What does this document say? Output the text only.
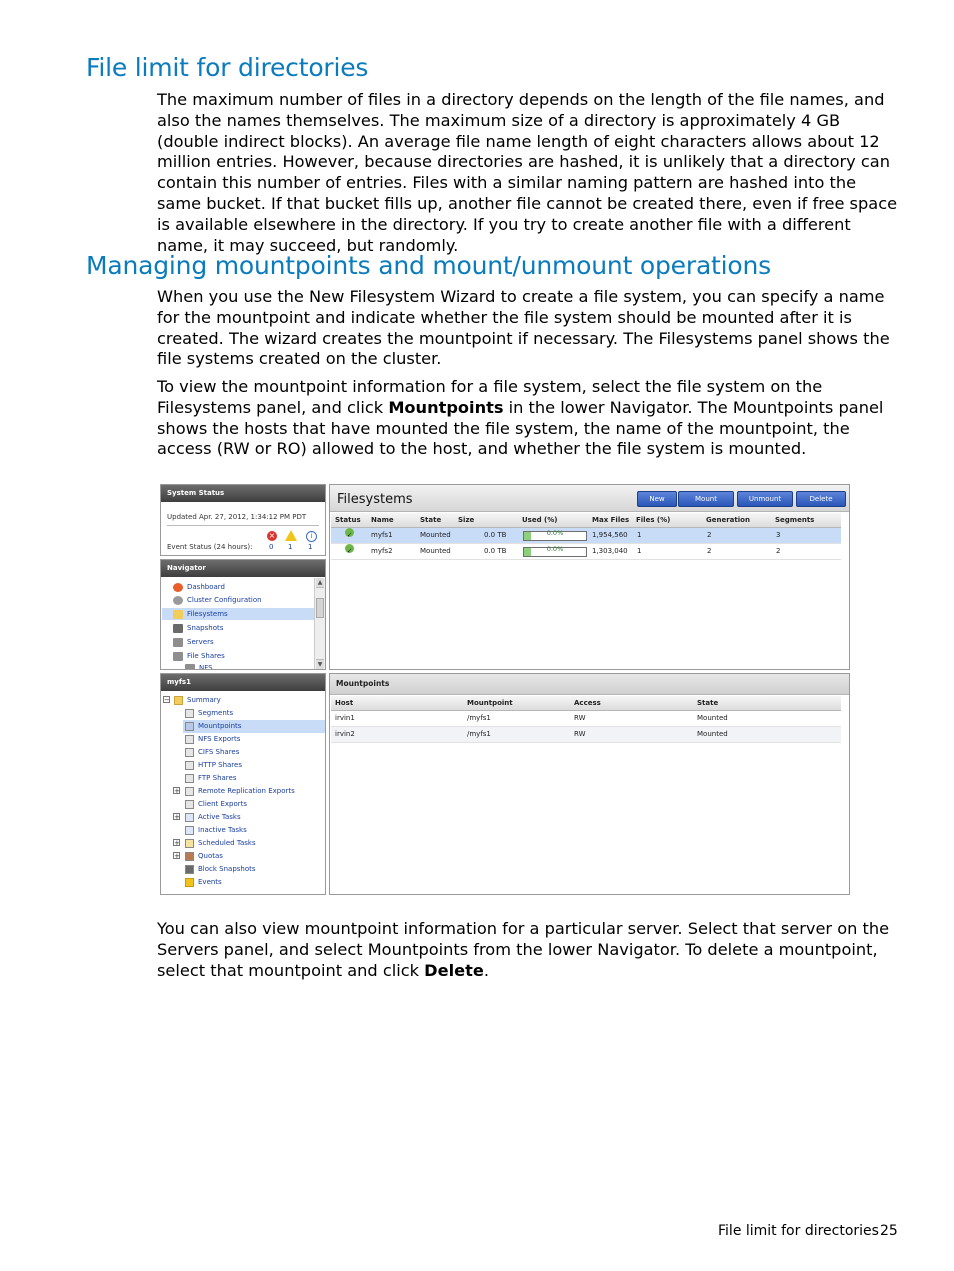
File limit for directories

The maximum number of files in a directory depends on the length of the file names, and also the names themselves. The maximum size of a directory is approximately 4 GB (double indirect blocks). An average file name length of eight characters allows about 12 million entries. However, because directories are hashed, it is unlikely that a directory can contain this number of entries. Files with a similar naming pattern are hashed into the same bucket. If that bucket fills up, another file cannot be created there, even if free space is available elsewhere in the directory. If you try to create another file with a different name, it may succeed, but randomly.

Managing mountpoints and mount/unmount operations

When you use the New Filesystem Wizard to create a file system, you can specify a name for the mountpoint and indicate whether the file system should be mounted after it is created. The wizard creates the mountpoint if necessary. The Filesystems panel shows the file systems created on the cluster.

To view the mountpoint information for a file system, select the file system on the Filesystems panel, and click Mountpoints in the lower Navigator. The Mountpoints panel shows the hosts that have mounted the file system, the name of the mountpoint, the access (RW or RO) allowed to the host, and whether the file system is mounted.

System Status
Updated Apr. 27, 2012, 1:34:12 PM PDT
Event Status (24 hours):
×	i
0 1 1
Navigator
Dashboard
Cluster Configuration
Filesystems
Snapshots
Servers
File Shares
NFS
▲
▼
myfs1
− Summary
Segments
Mountpoints
NFS Exports
CIFS Shares
HTTP Shares
FTP Shares
+	Remote Replication Exports
Client Exports
+	Active Tasks
Inactive Tasks
+	Scheduled Tasks
+	Quotas
Block Snapshots
Events
Filesystems	New	Mount	Unmount	Delete
Status Name	State Size	Used (%)	Max Files Files (%)	Generation	Segments
✓	myfs1	Mounted	0.0 TB	0.0%	1,954,560 1	2	3
✓	myfs2	Mounted	0.0 TB	0.0%	1,303,040 1	2	2
Mountpoints
Host	Mountpoint	Access	State
irvin1	/myfs1	RW	Mounted
irvin2	/myfs1	RW	Mounted

You can also view mountpoint information for a particular server. Select that server on the Servers panel, and select Mountpoints from the lower Navigator. To delete a mountpoint, select that mountpoint and click Delete.

File limit for directories 25
